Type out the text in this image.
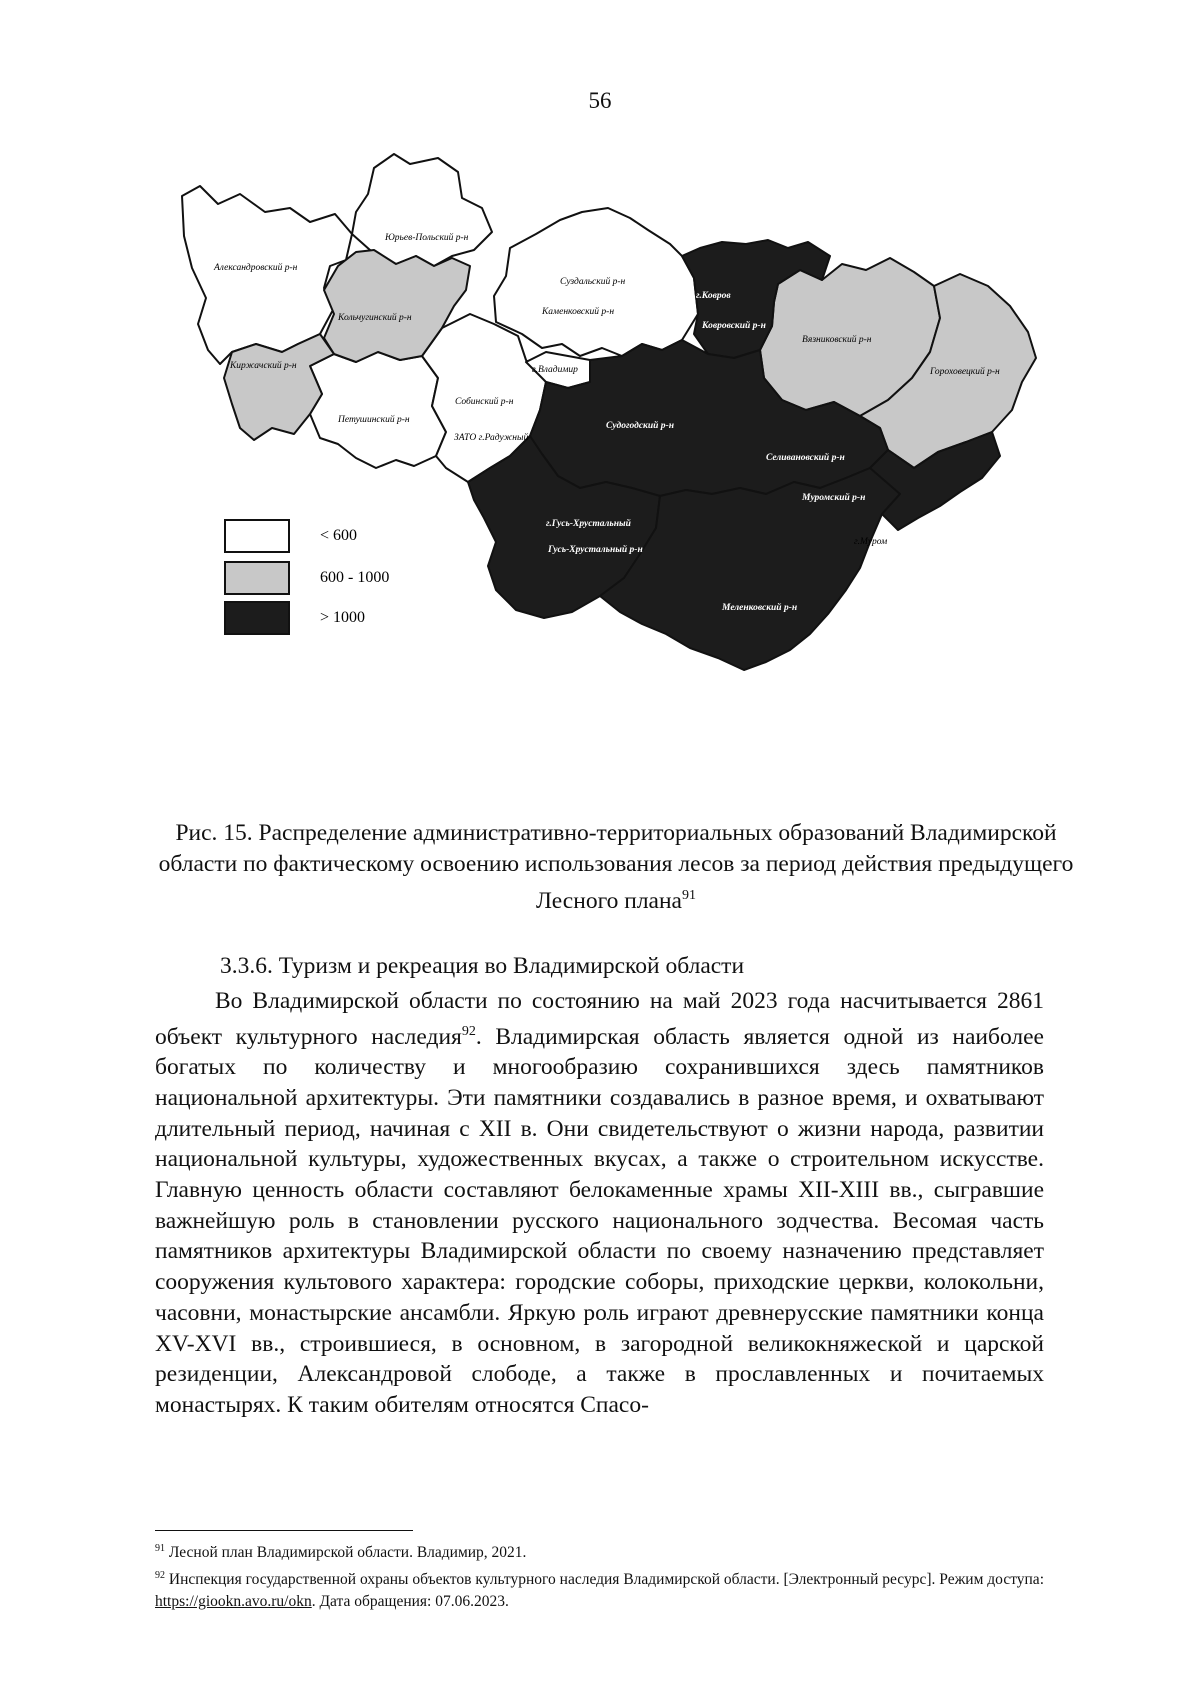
56
< 600
600 - 1000
> 1000
Юрьев-Польский р-н
Александровский р-н
Кольчугинский р-н
Киржачский р-н
Петушинский р-н
Собинский р-н
ЗАТО г.Радужный
Суздальский р-н
Каменковский р-н
г.Владимир
г.Ковров
Ковровский р-н
Вязниковский р-н
Гороховецкий р-н
Судогодский р-н
Селивановский р-н
Муромский р-н
г.Муром
г.Гусь-Хрустальный
Гусь-Хрустальный р-н
Меленковский р-н
Рис. 15. Распределение административно-территориальных образований Владимирской области по фактическому освоению использования лесов за период действия предыдущего Лесного плана$^{91}$
3.3.6. Туризм и рекреация во Владимирской области

Во Владимирской области по состоянию на май 2023 года насчитывается 2861 объект культурного наследия$^{92}$. Владимирская область является одной из наиболее богатых по количеству и многообразию сохранившихся здесь памятников национальной архитектуры. Эти памятники создавались в разное время, и охватывают длительный период, начиная с XII в. Они свидетельствуют о жизни народа, развитии национальной культуры, художественных вкусах, а также о строительном искусстве. Главную ценность области составляют белокаменные храмы XII-XIII вв., сыгравшие важнейшую роль в становлении русского национального зодчества. Весомая часть памятников архитектуры Владимирской области по своему назначению представляет сооружения культового характера: городские соборы, приходские церкви, колокольни, часовни, монастырские ансамбли. Яркую роль играют древнерусские памятники конца XV-XVI вв., строившиеся, в основном, в загородной великокняжеской и царской резиденции, Александровой слободе, а также в прославленных и почитаемых монастырях. К таким обителям относятся Спасо-

$^{91}$ Лесной план Владимирской области. Владимир, 2021.

$^{92}$ Инспекция государственной охраны объектов культурного наследия Владимирской области. [Электронный ресурс]. Режим доступа: https://giookn.avo.ru/okn. Дата обращения: 07.06.2023.
